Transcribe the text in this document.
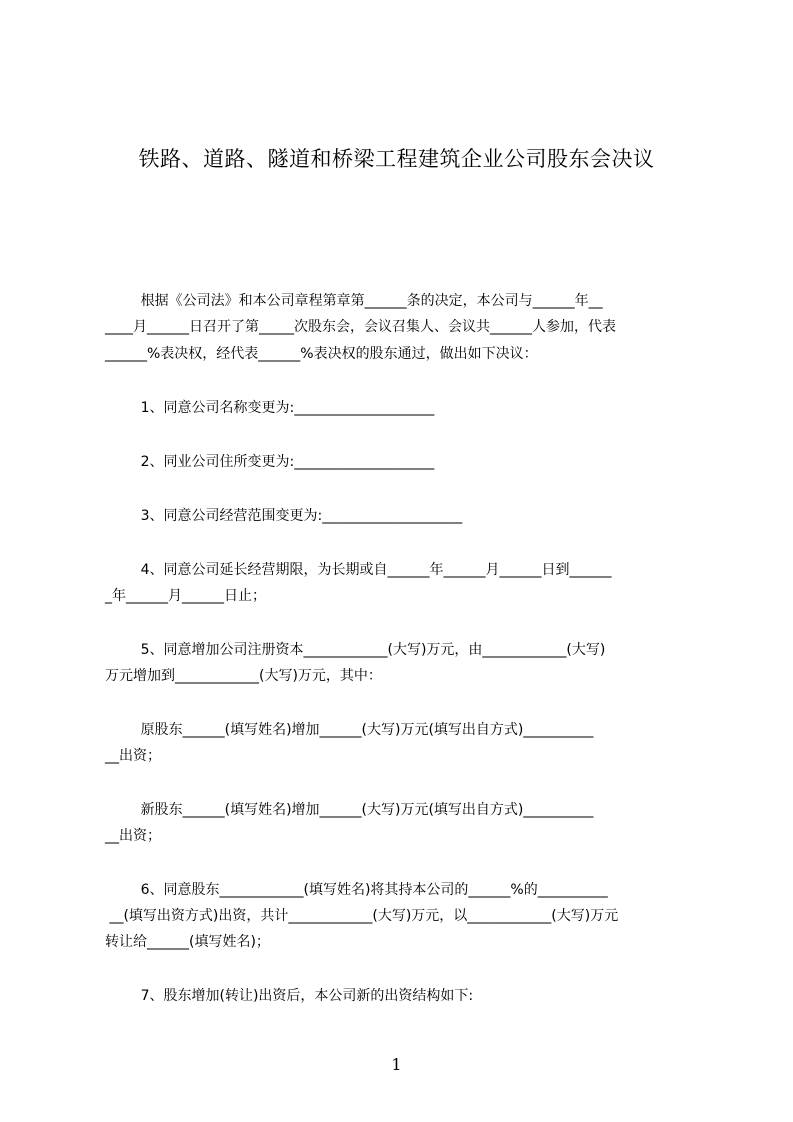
铁路、道路、隧道和桥梁工程建筑企业公司股东会决议
根据《公司法》和本公司章程第章第______条的决定，本公司与______年__
____月______日召开了第_____次股东会，会议召集人、会议共______人参加，代表
______%表决权，经代表______%表决权的股东通过，做出如下决议：
1、同意公司名称变更为:____________________
2、同业公司住所变更为:____________________
3、同意公司经营范围变更为:____________________
4、同意公司延长经营期限，为长期或自______年______月______日到______
_年______月______日止；
5、同意增加公司注册资本____________(大写)万元，由____________(大写)
万元增加到____________(大写)万元，其中：
原股东______(填写姓名)增加______(大写)万元(填写出自方式)__________
__出资；
新股东______(填写姓名)增加______(大写)万元(填写出自方式)__________
__出资；
6、同意股东____________(填写姓名)将其持本公司的______%的__________
__(填写出资方式)出资，共计____________(大写)万元，以____________(大写)万元
转让给______(填写姓名)；
7、股东增加(转让)出资后，本公司新的出资结构如下:
1
